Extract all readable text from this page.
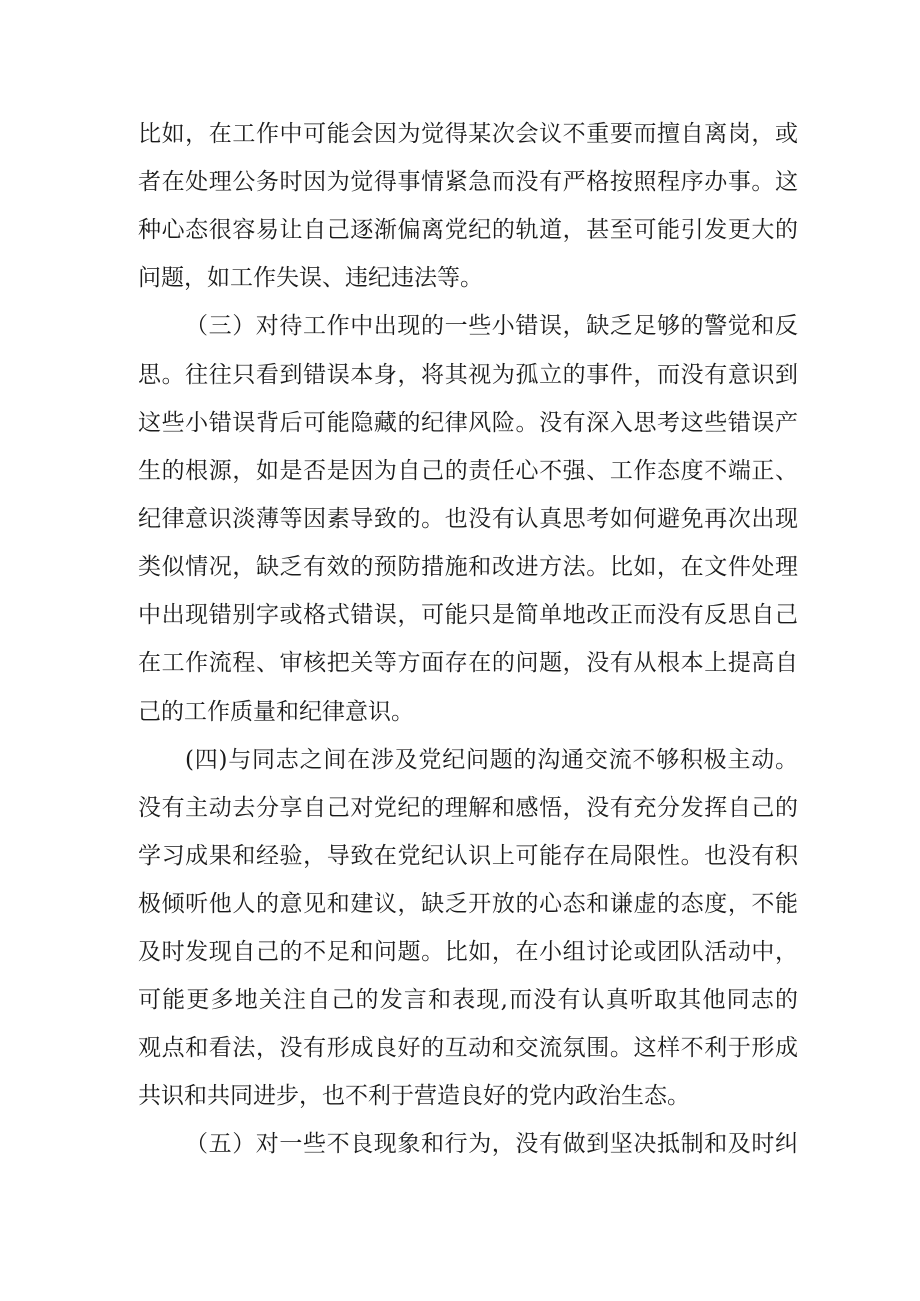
比如，在工作中可能会因为觉得某次会议不重要而擅自离岗，或
者在处理公务时因为觉得事情紧急而没有严格按照程序办事。这
种心态很容易让自己逐渐偏离党纪的轨道，甚至可能引发更大的
问题，如工作失误、违纪违法等。
（三）对待工作中出现的一些小错误，缺乏足够的警觉和反
思。往往只看到错误本身，将其视为孤立的事件，而没有意识到
这些小错误背后可能隐藏的纪律风险。没有深入思考这些错误产
生的根源，如是否是因为自己的责任心不强、工作态度不端正、
纪律意识淡薄等因素导致的。也没有认真思考如何避免再次出现
类似情况，缺乏有效的预防措施和改进方法。比如，在文件处理
中出现错别字或格式错误，可能只是简单地改正而没有反思自己
在工作流程、审核把关等方面存在的问题，没有从根本上提高自
己的工作质量和纪律意识。
(四)与同志之间在涉及党纪问题的沟通交流不够积极主动。
没有主动去分享自己对党纪的理解和感悟，没有充分发挥自己的
学习成果和经验，导致在党纪认识上可能存在局限性。也没有积
极倾听他人的意见和建议，缺乏开放的心态和谦虚的态度，不能
及时发现自己的不足和问题。比如，在小组讨论或团队活动中，
可能更多地关注自己的发言和表现,而没有认真听取其他同志的
观点和看法，没有形成良好的互动和交流氛围。这样不利于形成
共识和共同进步，也不利于营造良好的党内政治生态。
（五）对一些不良现象和行为，没有做到坚决抵制和及时纠
